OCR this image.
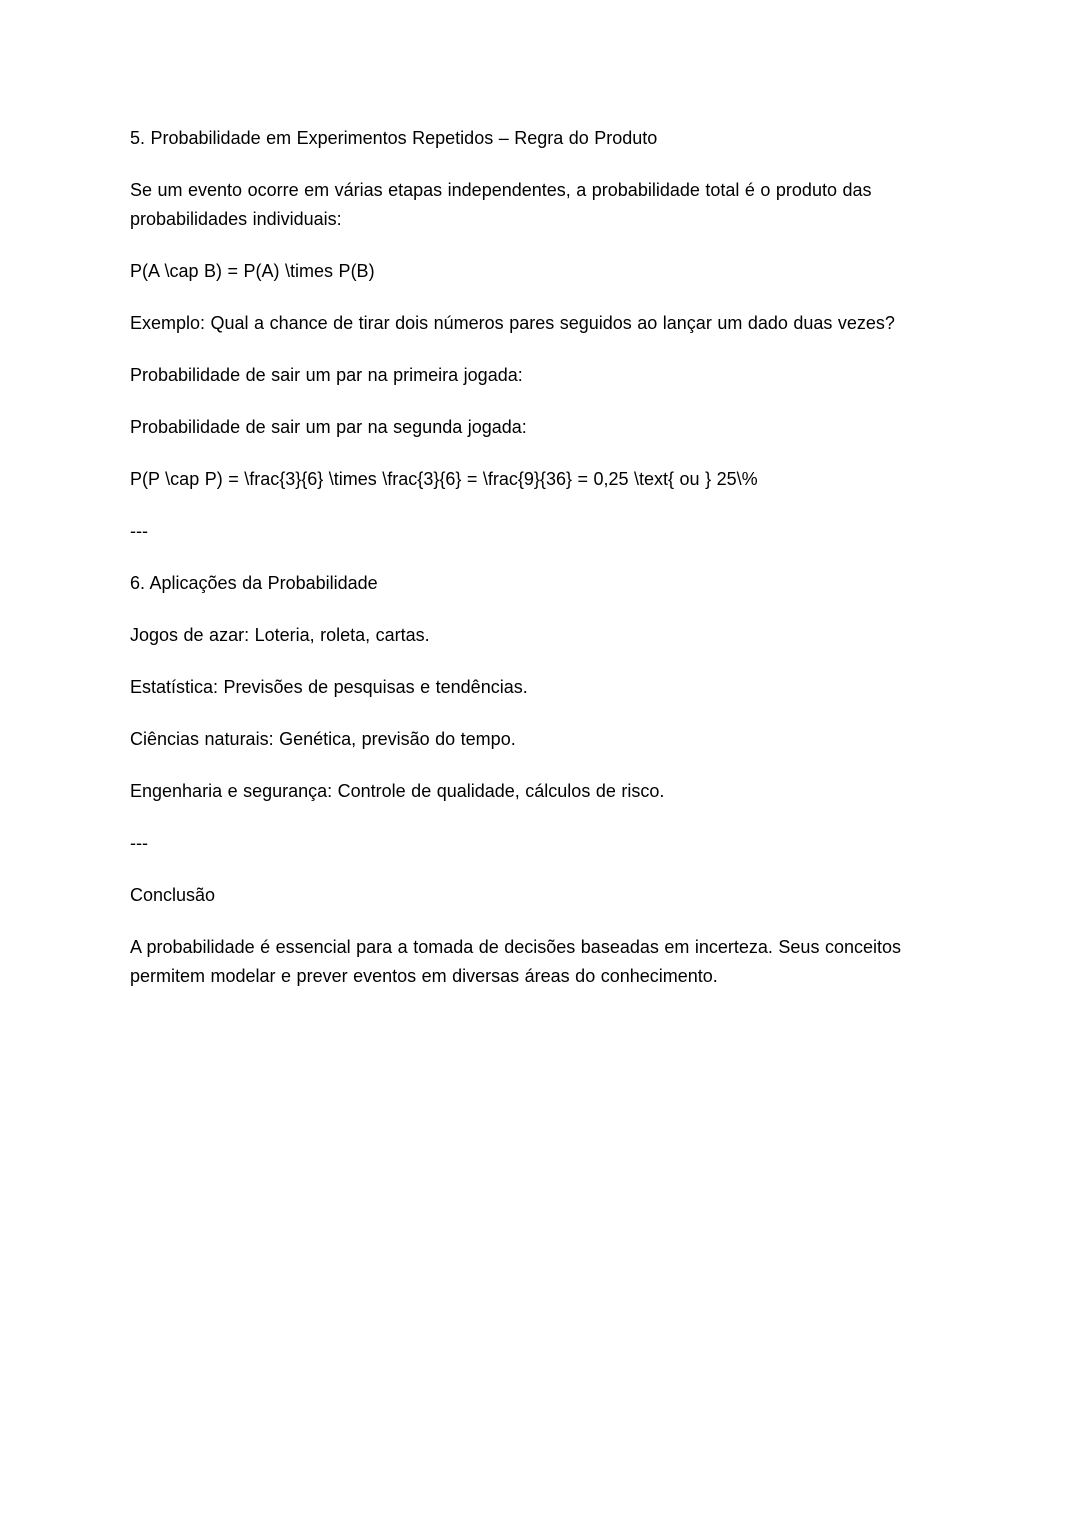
5. Probabilidade em Experimentos Repetidos – Regra do Produto

Se um evento ocorre em várias etapas independentes, a probabilidade total é o produto das probabilidades individuais:

P(A \cap B) = P(A) \times P(B)

Exemplo: Qual a chance de tirar dois números pares seguidos ao lançar um dado duas vezes?

Probabilidade de sair um par na primeira jogada:

Probabilidade de sair um par na segunda jogada:

P(P \cap P) = \frac{3}{6} \times \frac{3}{6} = \frac{9}{36} = 0,25 \text{ ou } 25\%

---

6. Aplicações da Probabilidade

Jogos de azar: Loteria, roleta, cartas.

Estatística: Previsões de pesquisas e tendências.

Ciências naturais: Genética, previsão do tempo.

Engenharia e segurança: Controle de qualidade, cálculos de risco.

---

Conclusão

A probabilidade é essencial para a tomada de decisões baseadas em incerteza. Seus conceitos permitem modelar e prever eventos em diversas áreas do conhecimento.
